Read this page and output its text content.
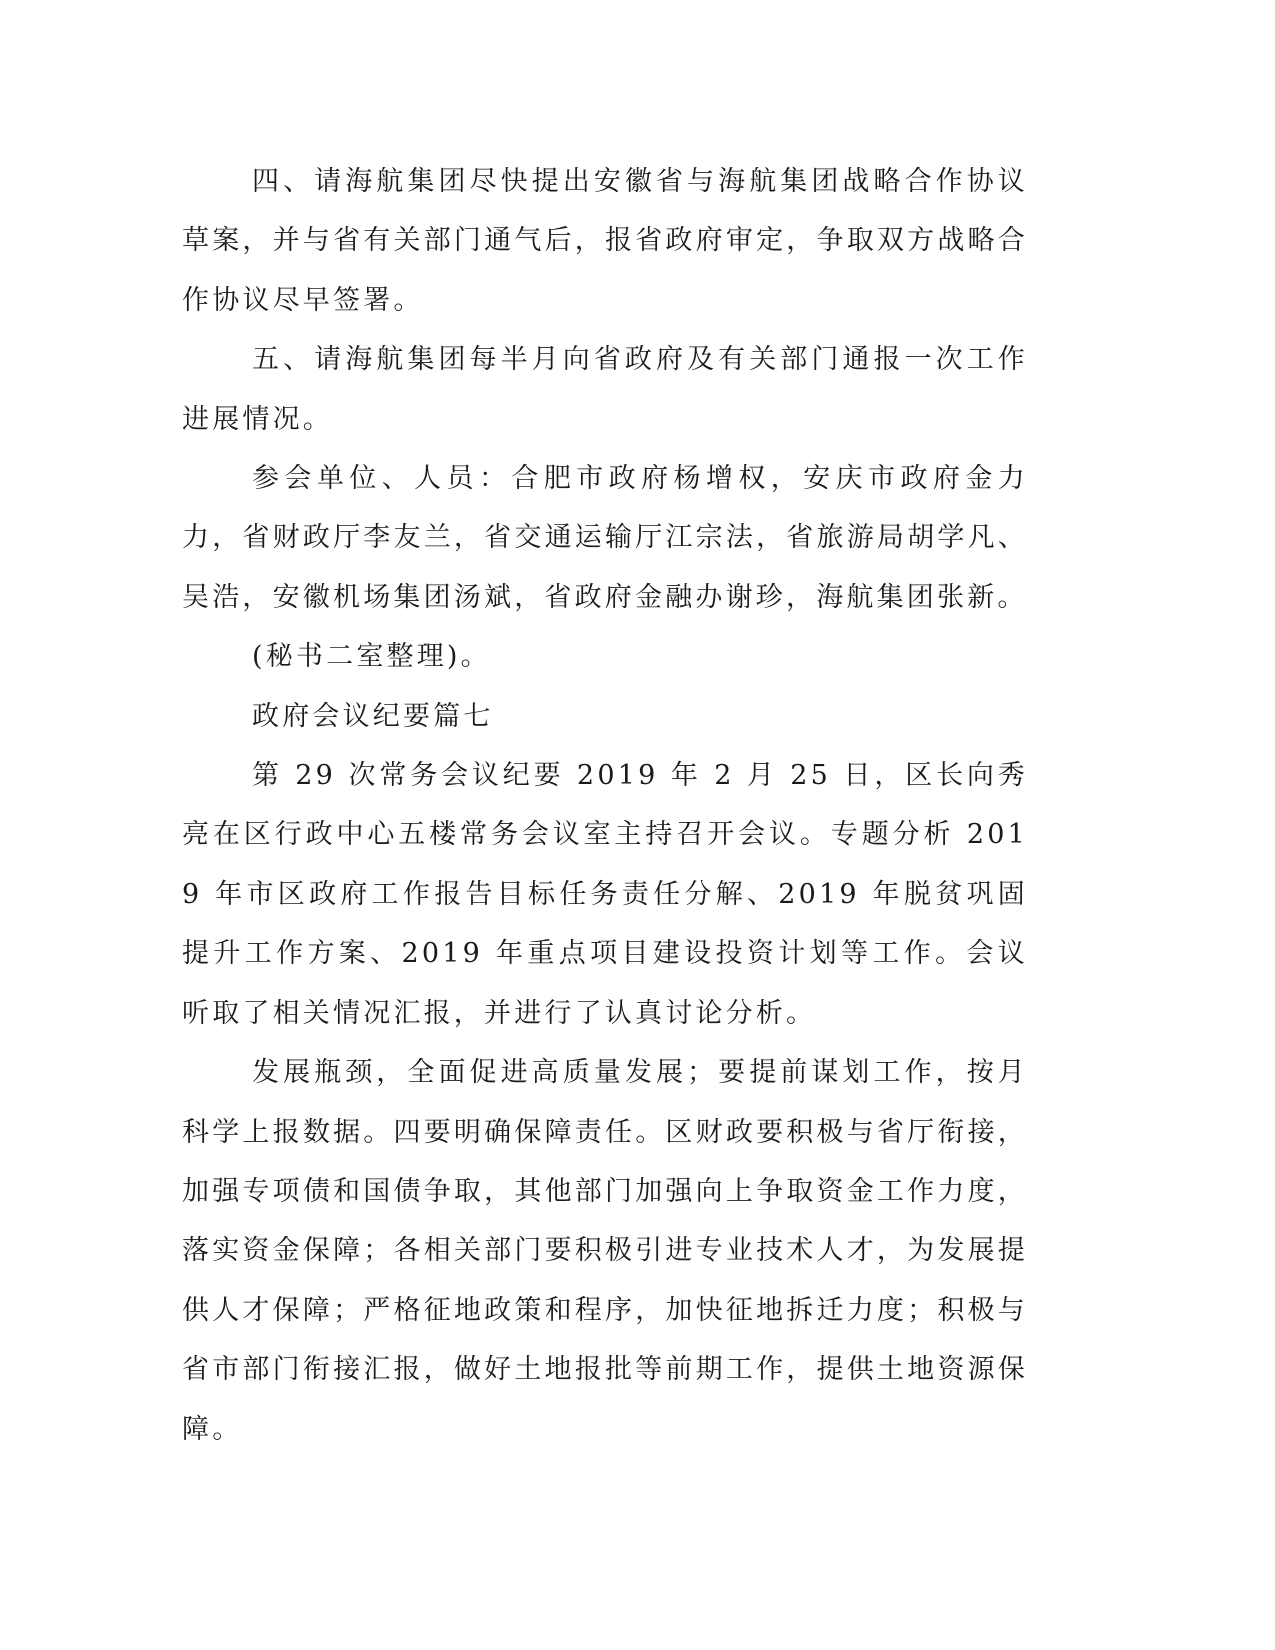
四、请海航集团尽快提出安徽省与海航集团战略合作协议草案，并与省有关部门通气后，报省政府审定，争取双方战略合作协议尽早签署。

五、请海航集团每半月向省政府及有关部门通报一次工作进展情况。

参会单位、人员：合肥市政府杨增权，安庆市政府金力力，省财政厅李友兰，省交通运输厅江宗法，省旅游局胡学凡、吴浩，安徽机场集团汤斌，省政府金融办谢珍，海航集团张新。

(秘书二室整理)。

政府会议纪要篇七

第 29 次常务会议纪要 2019 年 2 月 25 日，区长向秀亮在区行政中心五楼常务会议室主持召开会议。专题分析 2019 年市区政府工作报告目标任务责任分解、2019 年脱贫巩固提升工作方案、2019 年重点项目建设投资计划等工作。会议听取了相关情况汇报，并进行了认真讨论分析。

发展瓶颈，全面促进高质量发展；要提前谋划工作，按月科学上报数据。四要明确保障责任。区财政要积极与省厅衔接，加强专项债和国债争取，其他部门加强向上争取资金工作力度，落实资金保障；各相关部门要积极引进专业技术人才，为发展提供人才保障；严格征地政策和程序，加快征地拆迁力度；积极与省市部门衔接汇报，做好土地报批等前期工作，提供土地资源保障。
